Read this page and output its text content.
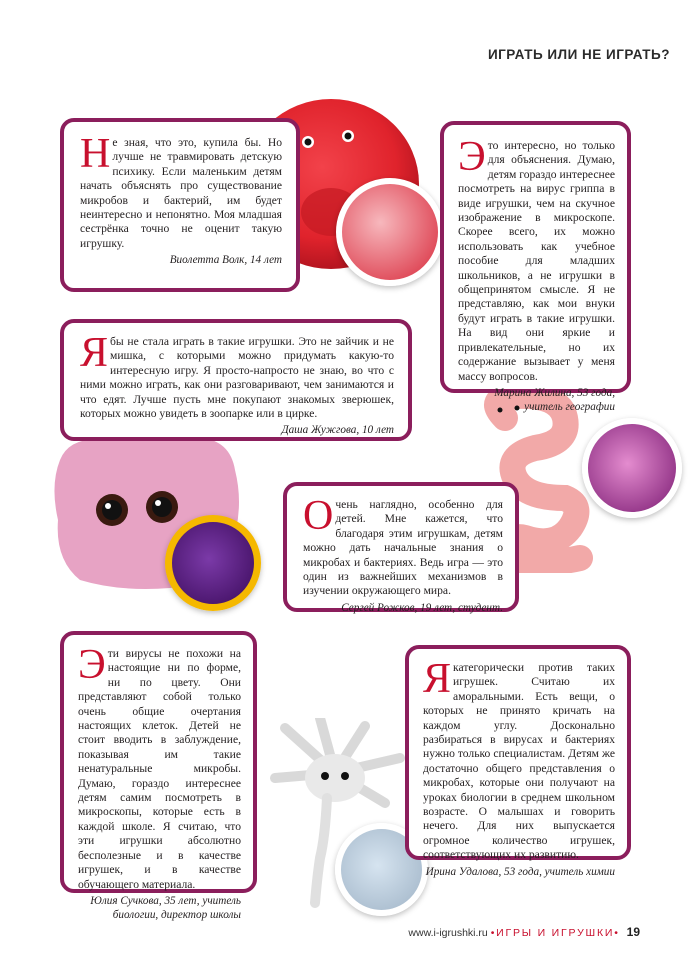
ИГРАТЬ ИЛИ НЕ ИГРАТЬ?

Не зная, что это, купила бы. Но лучше не травмировать детскую психику. Если маленьким детям начать объяснять про существование микробов и бактерий, им будет неинтересно и непонятно. Моя младшая сестрёнка точно не оценит такую игрушку.

Виолетта Волк, 14 лет

Это интересно, но только для объяснения. Думаю, детям гораздо интереснее посмотреть на вирус гриппа в виде игрушки, чем на скучное изображение в микроскопе. Скорее всего, их можно использовать как учебное пособие для младших школьников, а не игрушки в общепринятом смысле. Я не представляю, как мои внуки будут играть в такие игрушки. На вид они яркие и привлекательные, но их содержание вызывает у меня массу вопросов.

Марина Жилина, 53 года, учитель географии

Я бы не стала играть в такие игрушки. Это не зайчик и не мишка, с которыми можно придумать какую-то интересную игру. Я просто-напросто не знаю, во что с ними можно играть, как они разговаривают, чем занимаются и что едят. Лучше пусть мне покупают знакомых зверюшек, которых можно увидеть в зоопарке или в цирке.

Даша Жужгова, 10 лет

Очень наглядно, особенно для детей. Мне кажется, что благодаря этим игрушкам, детям можно дать начальные знания о микробах и бактериях. Ведь игра — это один из важнейших механизмов в изучении окружающего мира.

Сергей Рожков, 19 лет, студент.

Эти вирусы не похожи на настоящие ни по форме, ни по цвету. Они представляют собой только очень общие очертания настоящих клеток. Детей не стоит вводить в заблуждение, показывая им такие ненатуральные микробы. Думаю, гораздо интереснее детям самим посмотреть в микроскопы, которые есть в каждой школе. Я считаю, что эти игрушки абсолютно бесполезные и в качестве игрушек, и в качестве обучающего материала.

Юлия Сучкова, 35 лет, учитель биологии, директор школы

Я категорически против таких игрушек. Считаю их аморальными. Есть вещи, о которых не принято кричать на каждом углу. Досконально разбираться в вирусах и бактериях нужно только специалистам. Детям же достаточно общего представления о микробах, которые они получают на уроках биологии в среднем школьном возрасте. О малышах и говорить нечего. Для них выпускается огромное количество игрушек, соответствующих их развитию.

Ирина Удалова, 53 года, учитель химии
www.i-igrushki.ru •ИГРЫ И ИГРУШКИ• 19
